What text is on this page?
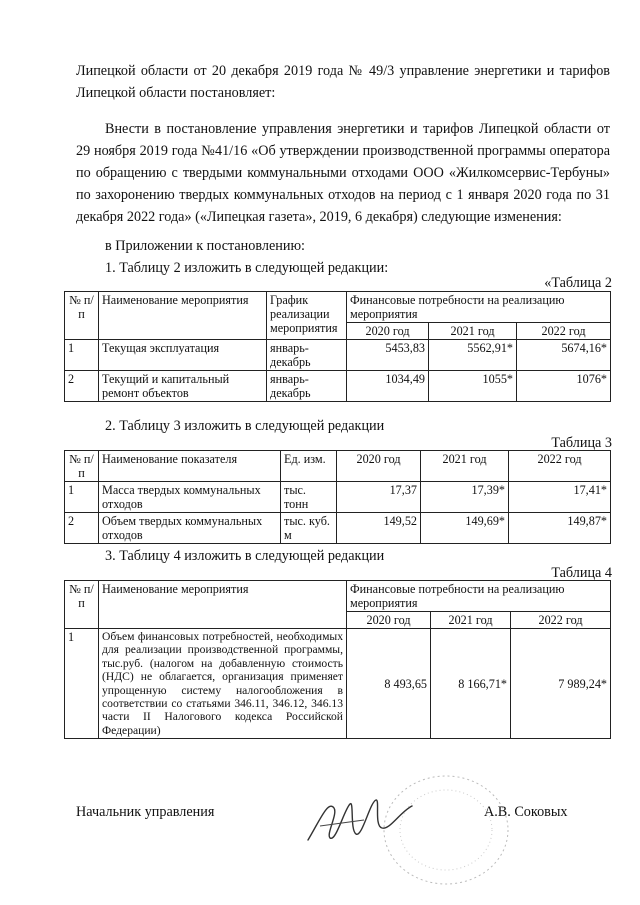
Липецкой области от 20 декабря 2019 года № 49/3 управление энергетики и тарифов Липецкой области постановляет:

Внести в постановление управления энергетики и тарифов Липецкой области от 29 ноября 2019 года №41/16 «Об утверждении производственной программы оператора по обращению с твердыми коммунальными отходами ООО «Жилкомсервис-Тербуны» по захоронению твердых коммунальных отходов на период с 1 января 2020 года по 31 декабря 2022 года» («Липецкая газета», 2019, 6 декабря) следующие изменения:

в Приложении к постановлению:

1. Таблицу 2 изложить в следующей редакции:

«Таблица 2

№ п/п	Наименование мероприятия	График реализации мероприятия	Финансовые потребности на реализацию мероприятия		
			2020 год	2021 год	2022 год
1	Текущая эксплуатация	январь-декабрь	5453,83	5562,91*	5674,16*
2	Текущий и капитальный ремонт объектов	январь-декабрь	1034,49	1055*	1076*

2. Таблицу 3 изложить в следующей редакции

Таблица 3

№ п/п	Наименование показателя	Ед. изм.	2020 год	2021 год	2022 год
1	Масса твердых коммунальных отходов	тыс. тонн	17,37	17,39*	17,41*
2	Объем твердых коммунальных отходов	тыс. куб. м	149,52	149,69*	149,87*

3. Таблицу 4 изложить в следующей редакции

Таблица 4

№ п/п	Наименование мероприятия	Финансовые потребности на реализацию мероприятия		
		2020 год	2021 год	2022 год
1	Объем финансовых потребностей, необходимых для реализации производственной программы, тыс.руб. (налогом на добавленную стоимость (НДС) не облагается, организация применяет упрощенную систему налогообложения в соответствии со статьями 346.11, 346.12, 346.13 части II Налогового кодекса Российской Федерации)	8 493,65	8 166,71*	7 989,24*

Начальник управления	А.В. Соковых
